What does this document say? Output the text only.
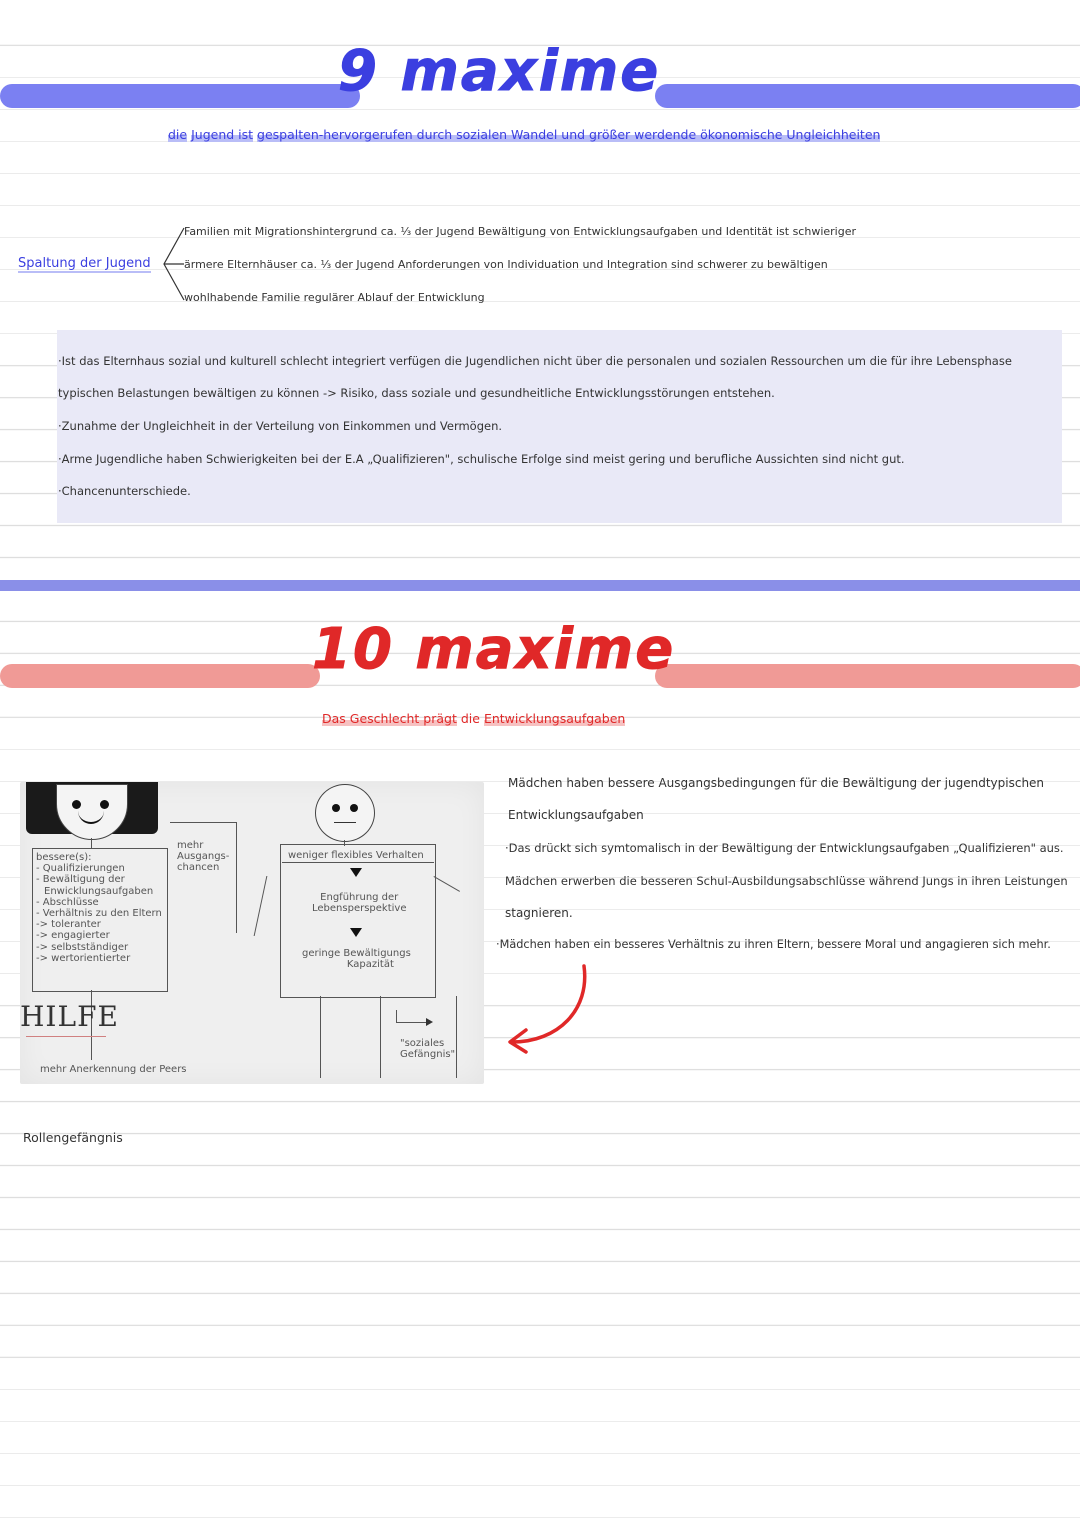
9 maxime
die Jugend ist gespalten-hervorgerufen durch sozialen Wandel und größer werdende ökonomische Ungleichheiten
Spaltung der Jugend
Familien mit Migrationshintergrund ca. ⅓ der Jugend Bewältigung von Entwicklungsaufgaben und Identität ist schwieriger
ärmere Elternhäuser ca. ⅓ der Jugend Anforderungen von Individuation und Integration sind schwerer zu bewältigen
wohlhabende Familie regulärer Ablauf der Entwicklung
·Ist das Elternhaus sozial und kulturell schlecht integriert verfügen die Jugendlichen nicht über die personalen und sozialen Ressourchen um die für ihre Lebensphase
typischen Belastungen bewältigen zu können -> Risiko, dass soziale und gesundheitliche Entwicklungsstörungen entstehen.
·Zunahme der Ungleichheit in der Verteilung von Einkommen und Vermögen.
·Arme Jugendliche haben Schwierigkeiten bei der E.A „Qualifizieren", schulische Erfolge sind meist gering und berufliche Aussichten sind nicht gut.
·Chancenunterschiede.
10 maxime
Das Geschlecht prägt die Entwicklungsaufgaben
Mädchen haben bessere Ausgangsbedingungen für die Bewältigung der jugendtypischen
Entwicklungsaufgaben
·Das drückt sich symtomalisch in der Bewältigung der Entwicklungsaufgaben „Qualifizieren" aus.
Mädchen erwerben die besseren Schul-Ausbildungsabschlüsse während Jungs in ihren Leistungen
stagnieren.
·Mädchen haben ein besseres Verhältnis zu ihren Eltern, bessere Moral und angagieren sich mehr.
bessere(s):
- Qualifizierungen
- Bewältigung der
Enwicklungsaufgaben
- Abschlüsse
- Verhältnis zu den Eltern
-> toleranter
-> engagierter
-> selbstständiger
-> wertorientierter
mehr
Ausgangs-
chancen
HILFE
mehr Anerkennung der Peers
weniger flexibles Verhalten
Engführung der
Lebensperspektive
geringe Bewältigungs
Kapazität
"soziales
Gefängnis"
Rollengefängnis
